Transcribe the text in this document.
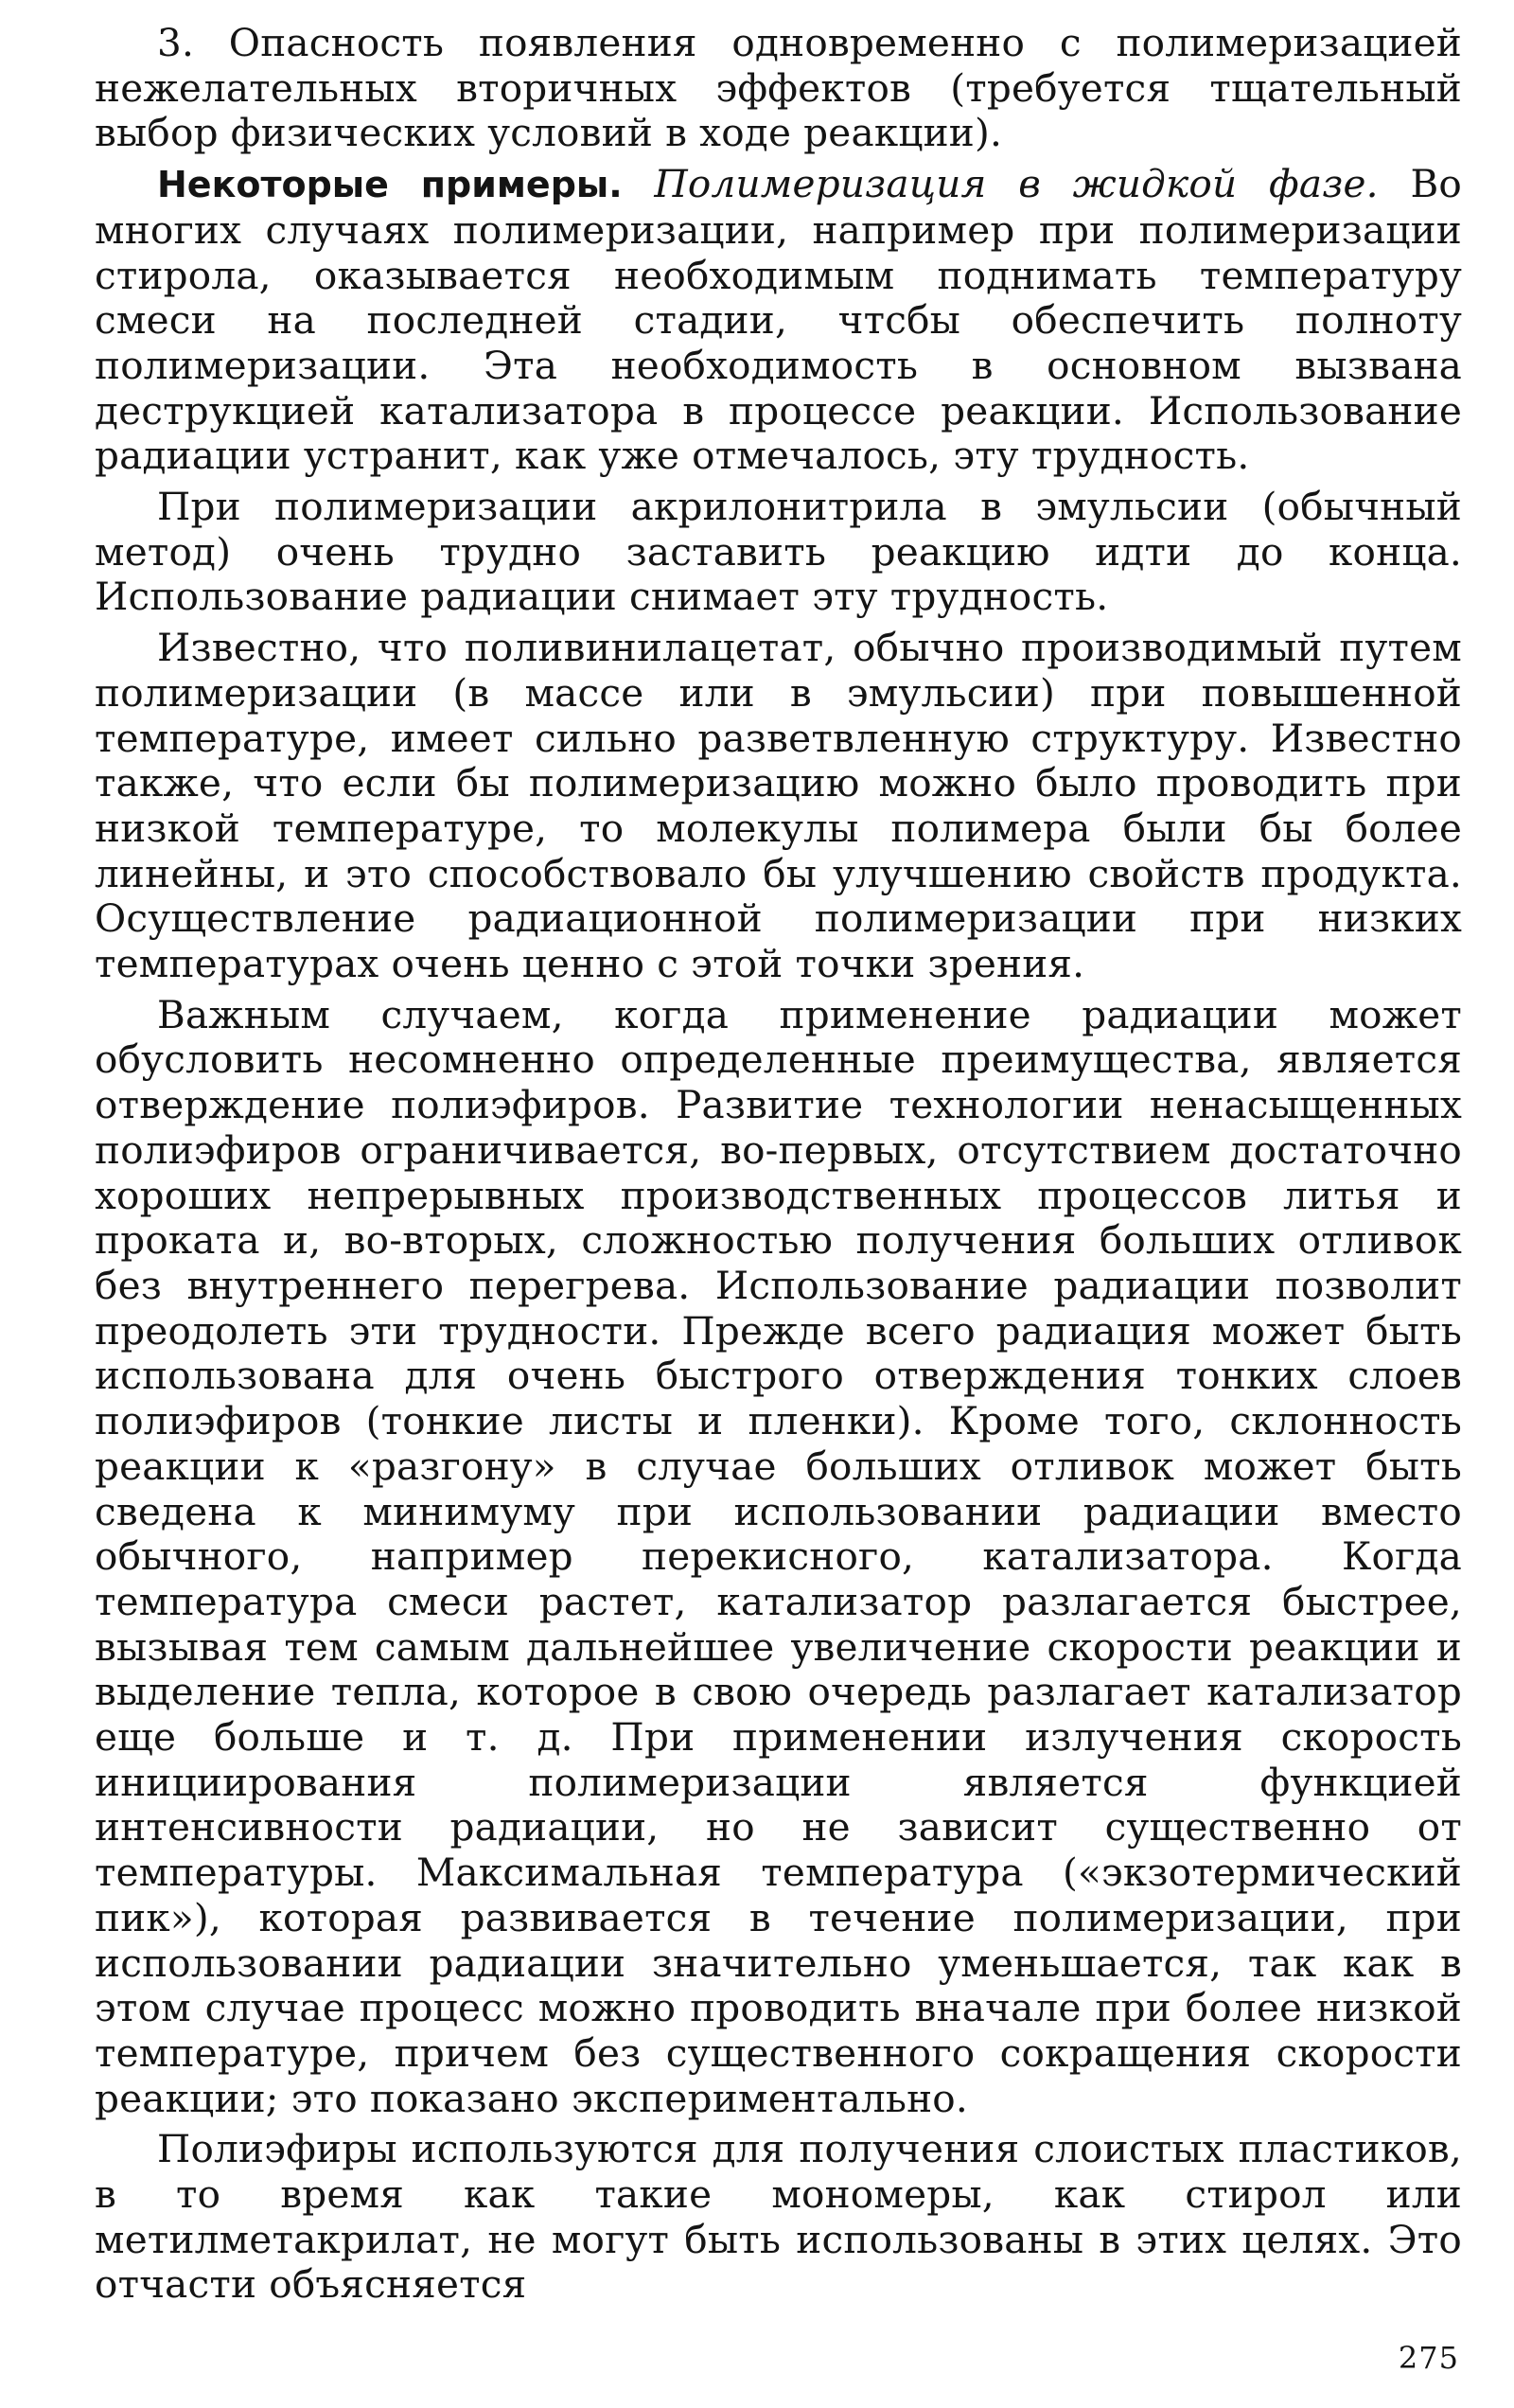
3. Опасность появления одновременно с полимеризацией нежелательных вторичных эффектов (требуется тщательный выбор физических условий в ходе реакции).

Некоторые примеры. Полимеризация в жидкой фазе. Во многих случаях полимеризации, например при полимеризации стирола, оказывается необходимым поднимать температуру смеси на последней стадии, чтсбы обеспечить полноту полимеризации. Эта необходимость в основном вызвана деструкцией катализатора в процессе реакции. Использование радиации устранит, как уже отмечалось, эту трудность.

При полимеризации акрилонитрила в эмульсии (обычный метод) очень трудно заставить реакцию идти до конца. Использование радиации снимает эту трудность.

Известно, что поливинилацетат, обычно производимый путем полимеризации (в массе или в эмульсии) при повышенной температуре, имеет сильно разветвленную структуру. Известно также, что если бы полимеризацию можно было проводить при низкой температуре, то молекулы полимера были бы более линейны, и это способствовало бы улучшению свойств продукта. Осуществление радиационной полимеризации при низких температурах очень ценно с этой точки зрения.

Важным случаем, когда применение радиации может обусловить несомненно определенные преимущества, является отверждение полиэфиров. Развитие технологии ненасыщенных полиэфиров ограничивается, во-первых, отсутствием достаточно хороших непрерывных производственных процессов литья и проката и, во-вторых, сложностью получения больших отливок без внутреннего перегрева. Использование радиации позволит преодолеть эти трудности. Прежде всего радиация может быть использована для очень быстрого отверждения тонких слоев полиэфиров (тонкие листы и пленки). Кроме того, склонность реакции к «разгону» в случае больших отливок может быть сведена к минимуму при использовании радиации вместо обычного, например перекисного, катализатора. Когда температура смеси растет, катализатор разлагается быстрее, вызывая тем самым дальнейшее увеличение скорости реакции и выделение тепла, которое в свою очередь разлагает катализатор еще больше и т. д. При применении излучения скорость инициирования полимеризации является функцией интенсивности радиации, но не зависит существенно от температуры. Максимальная температура («экзотермический пик»), которая развивается в течение полимеризации, при использовании радиации значительно уменьшается, так как в этом случае процесс можно проводить вначале при более низкой температуре, причем без существенного сокращения скорости реакции; это показано экспериментально.

Полиэфиры используются для получения слоистых пластиков, в то время как такие мономеры, как стирол или метилметакрилат, не могут быть использованы в этих целях. Это отчасти объясняется

275
